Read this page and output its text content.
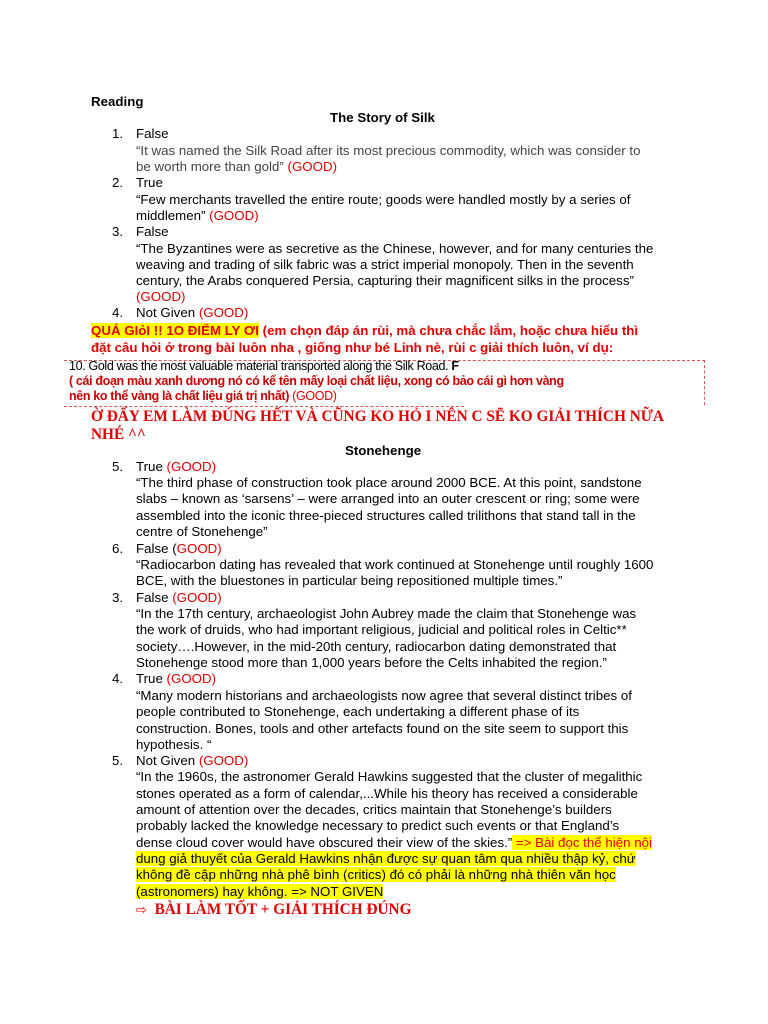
Reading
The Story of Silk
1. False
“It was named the Silk Road after its most precious commodity, which was consider to
be worth more than gold” (GOOD)
2. True
“Few merchants travelled the entire route; goods were handled mostly by a series of
middlemen” (GOOD)
3. False
“The Byzantines were as secretive as the Chinese, however, and for many centuries the
weaving and trading of silk fabric was a strict imperial monopoly. Then in the seventh
century, the Arabs conquered Persia, capturing their magnificent silks in the process”
(GOOD)
4. Not Given (GOOD)
QUÁ GIỏI !! 1O ĐIỂM LY ƠI (em chọn đáp án rùi, mà chưa chắc lắm, hoặc chưa hiểu thì
đặt câu hỏi ở trong bài luôn nha , giống như bé Linh nè, rùi c giải thích luôn, ví dụ:
10. Gold was the most valuable material transported along the Silk Road. F
( cái đoạn màu xanh dương nó có kể tên mấy loại chất liệu, xong có bảo cái gì hơn vàng
nên ko thể vàng là chất liệu giá trị nhất) (GOOD)
Ờ ĐẤY EM LÀM ĐÚNG HẾT VÀ CŨNG KO HỎ I NÊN C SẼ KO GIẢI THÍCH NỮA
NHÉ ^^
Stonehenge
5. True (GOOD)
“The third phase of construction took place around 2000 BCE. At this point, sandstone
slabs – known as ‘sarsens’ – were arranged into an outer crescent or ring; some were
assembled into the iconic three-pieced structures called trilithons that stand tall in the
centre of Stonehenge”
6. False (GOOD)
“Radiocarbon dating has revealed that work continued at Stonehenge until roughly 1600
BCE, with the bluestones in particular being repositioned multiple times.”
3. False (GOOD)
“In the 17th century, archaeologist John Aubrey made the claim that Stonehenge was
the work of druids, who had important religious, judicial and political roles in Celtic**
society….However, in the mid-20th century, radiocarbon dating demonstrated that
Stonehenge stood more than 1,000 years before the Celts inhabited the region.”
4. True (GOOD)
“Many modern historians and archaeologists now agree that several distinct tribes of
people contributed to Stonehenge, each undertaking a different phase of its
construction. Bones, tools and other artefacts found on the site seem to support this
hypothesis. “
5. Not Given (GOOD)
“In the 1960s, the astronomer Gerald Hawkins suggested that the cluster of megalithic
stones operated as a form of calendar,...While his theory has received a considerable
amount of attention over the decades, critics maintain that Stonehenge’s builders
probably lacked the knowledge necessary to predict such events or that England’s
dense cloud cover would have obscured their view of the skies.” => Bài đọc thể hiện nội
dung giả thuyết của Gerald Hawkins nhận được sự quan tâm qua nhiều thập kỷ, chứ
không đề cập những nhà phê bình (critics) đó có phải là những nhà thiên văn học
(astronomers) hay không. => NOT GIVEN
⇨ BÀI LÀM TỐT + GIẢI THÍCH ĐÚNG
